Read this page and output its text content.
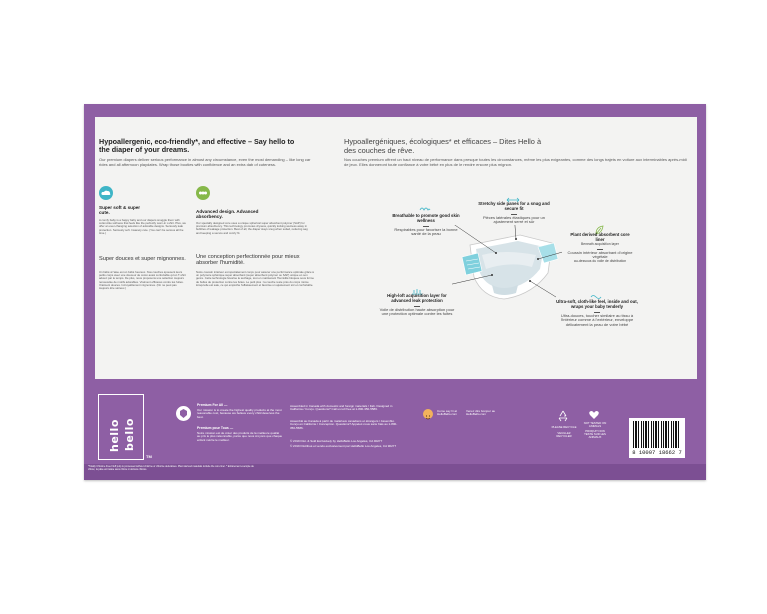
Hypoallergenic, eco-friendly*, and effective – Say hello to the diaper of your dreams.
Our premium diapers deliver serious performance in almost any circumstance, even the most demanding – like long car rides and all afternoon playdates. Wrap those booties with confidence and an extra dab of cuteness.
Super soft & super cute.
A comfy baby is a happy baby and our diapers snuggle them with cotton-like softness that feels like the perfectly worn-in t-shirt. Plus, we offer an ever-changing selection of adorable designs. Seriously leak protection. Seriously soft. Insanely cute. (You can't be serious all the time.)
Super douces et super mignonnes.
Un bébé à l'aise est un bébé heureux. Nos couches épousent leurs petits corps avec une douceur de coton aussi confortable qu'un T-shirt adouci par le temps. De plus, nous proposons une sélection toujours renouvelée de motifs adorables. Vraiment efficaces contre les fuites. Vraiment douces. Incroyablement mignonnes. (On ne peut pas toujours être sérieux.)
Advanced design. Advanced absorbency.
Our specially designed core uses a unique spherical super absorbent polymer (SAP) for premium absorbency. This technology promotes dryness, quickly locking wetness away in bubbles of leakage protection. Best of all, the diaper stays snug when soiled, reducing sag and keeping a secure and comfy fit.
Une conception perfectionnée pour mieux absorber l'humidité.
Notre coussin intérieur est spécialement conçu pour assurer une performance optimale grâce à un polymère sphérique super absorbant (super absorbent polymer ou SAP) unique en son genre. Cette technologie favorise le séchage, tout en maintenant l'humidité bloquée sous forme de bulles de protection contre les fuites. Le petit plus : la couche reste près du corps même lorsqu'elle est sale, ce qui empêche l'affaissement et favorise un ajustement sûr et confortable.
Hypoallergéniques, écologiques* et efficaces – Dites Hello à des couches de rêve.
Nos couches premium offrent un haut niveau de performance dans presque toutes les circonstances, même les plus exigeantes, comme des longs trajets en voiture aux interminables après-midi de jeux. Elles donneront toute confiance à votre bébé en plus de le rendre encore plus mignon.
Breathable to promote good skin wellness
Respirables pour favoriser la bonne santé de la peau
Stretchy side panes for a snug and secure fit
Pièces latérales élastiques pour un ajustement serré et sûr
Plant derived absorbent core liner
Beneath acquisition layer
Coussin intérieur absorbant d'origine végétale
au-dessous du voile de distribution
High-loft acquisition layer for advanced leak protection
Voile de distribution haute absorption pour une protection optimale contre les fuites
Ultra-soft, cloth-like feel, inside and out, wraps your baby tenderly
Ultra-douces, toucher similaire au tissu à l'intérieur comme à l'extérieur, enveloppe délicatement la peau de votre bébé
hello bello
TM
Premium For All —
Our mission is to create the highest quality products at the most reasonable cost, because we believe every child deserves the best.
Premium pour Tous —
Notre mission est de créer des produits de la meilleure qualité au prix le plus raisonnable, parce que nous croyons que chaque enfant mérite le meilleur.
Assembled in Canada with domestic and foreign materials / Fab. Designed in California / Conçu. Questions? Call us toll free at 1-800-350-5586.
Assemblé au Canada à partir de matériaux canadiens et étrangers / Assemblé. Conçu en Californie / Conception. Questions? Appelez-nous sans frais au 1-800-350-5586.
© 2019 Dist. & Sold Exclusively by HelloBello Los Angeles, CA 90277
© 2019 Distribué et vendu exclusivement par HelloBello Los Angeles, CA 90277
Come say hi at HelloBello.com
Venez dire bonjour au HelloBello.com
PLEASE RECYCLE
VEUILLEZ RECYCLER
NOT TESTED ON ANIMALS
PRODUIT NON TESTÉ SUR LES ANIMAUX
8 10007 18662 7
*Totally Chlorine Free Fluff pulp is processed without chlorine or chlorine derivatives. Plant derived materials include the core liner. * Entièrement exempte de chlore; la pâte est traitée sans chlore ni dérivés chlorés.
